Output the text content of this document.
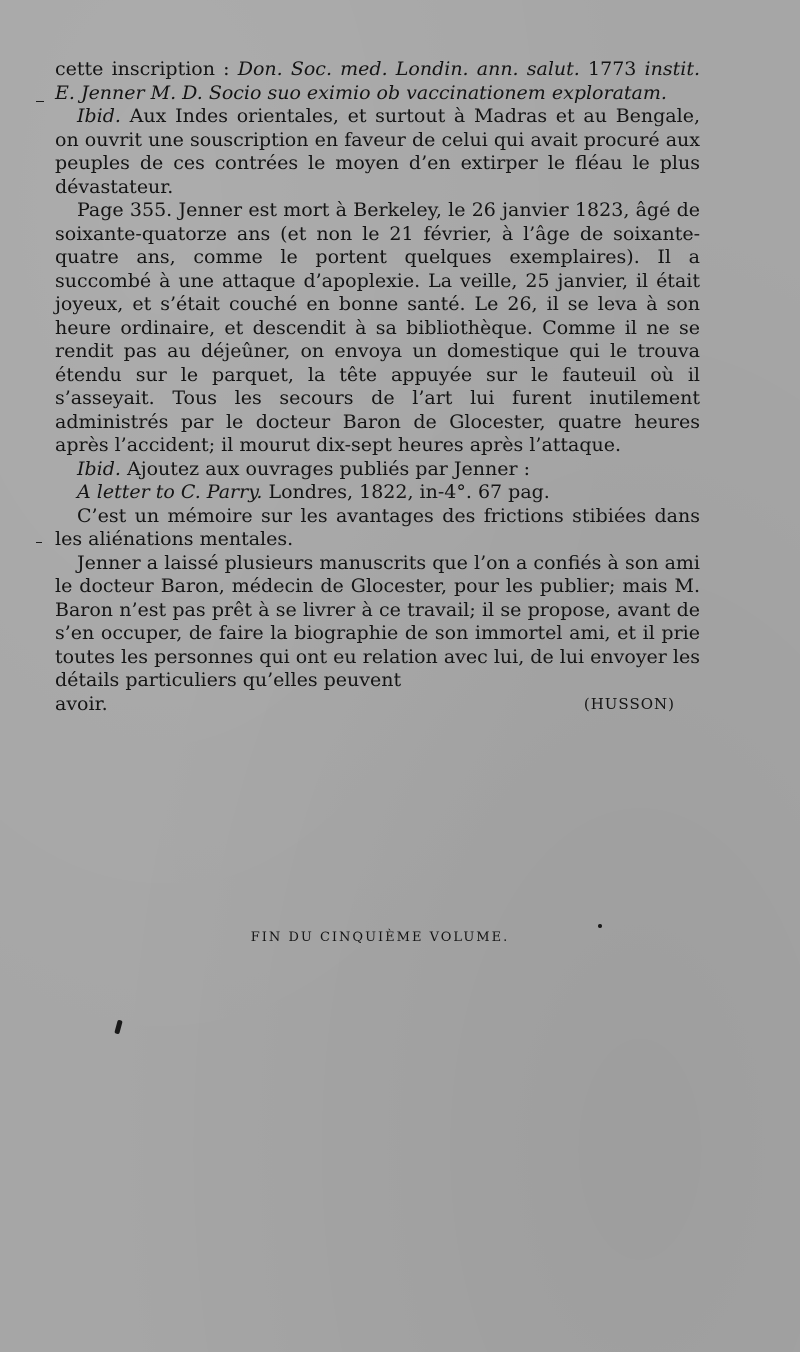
cette inscription : Don. Soc. med. Londin. ann. salut. 1773 instit. E. Jenner M. D. Socio suo eximio ob vaccinationem exploratam.

Ibid. Aux Indes orientales, et surtout à Madras et au Bengale, on ouvrit une souscription en faveur de celui qui avait procuré aux peuples de ces contrées le moyen d’en extirper le fléau le plus dévastateur.

Page 355. Jenner est mort à Berkeley, le 26 janvier 1823, âgé de soixante-quatorze ans (et non le 21 février, à l’âge de soixante-quatre ans, comme le portent quelques exemplaires). Il a succombé à une attaque d’apoplexie. La veille, 25 janvier, il était joyeux, et s’était couché en bonne santé. Le 26, il se leva à son heure ordinaire, et descendit à sa bibliothèque. Comme il ne se rendit pas au déjeûner, on envoya un domestique qui le trouva étendu sur le parquet, la tête appuyée sur le fauteuil où il s’asseyait. Tous les secours de l’art lui furent inutilement administrés par le docteur Baron de Glocester, quatre heures après l’accident; il mourut dix-sept heures après l’attaque.

Ibid. Ajoutez aux ouvrages publiés par Jenner :

A letter to C. Parry. Londres, 1822, in-4°. 67 pag.

C’est un mémoire sur les avantages des frictions stibiées dans les aliénations mentales.

Jenner a laissé plusieurs manuscrits que l’on a confiés à son ami le docteur Baron, médecin de Glocester, pour les publier; mais M. Baron n’est pas prêt à se livrer à ce travail; il se propose, avant de s’en occuper, de faire la biographie de son immortel ami, et il prie toutes les personnes qui ont eu relation avec lui, de lui envoyer les détails particuliers qu’elles peuvent

avoir.	(HUSSON)
FIN DU CINQUIÈME VOLUME.
